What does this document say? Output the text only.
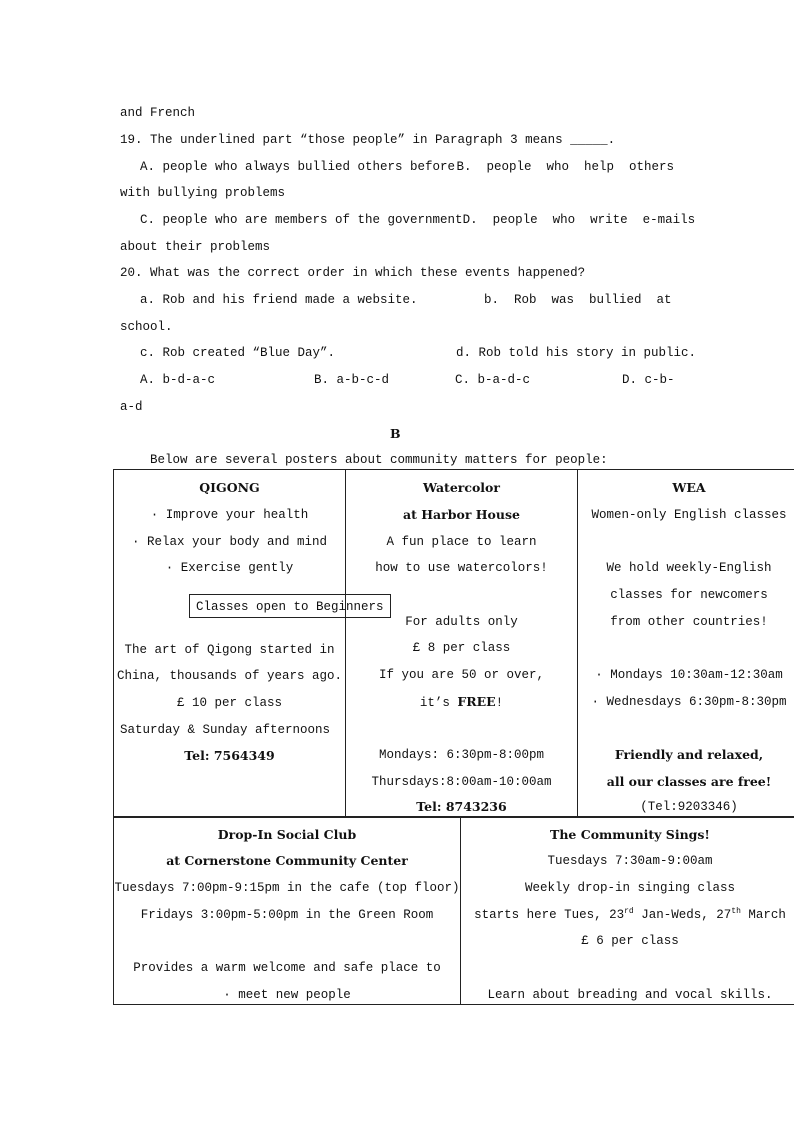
and French
19. The underlined part “those people” in Paragraph 3 means _____.
A. people who always bullied others before B.  people  who  help  others
with bullying problems
C. people who are members of the government D.  people  who  write  e-mails
about their problems
20. What was the correct order in which these events happened?
a. Rob and his friend made a website.	b.  Rob  was  bullied  at
school.
c. Rob created “Blue Day”.	d. Rob told his story in public.
A. b-d-a-c	B. a-b-c-d	C. b-a-d-c	D. c-b-
a-d
B
Below are several posters about community matters for people:
QIGONG
· Improve your health
· Relax your body and mind
· Exercise gently

Classes open to Beginners

The art of Qigong started in
China, thousands of years ago.
£ 10 per class
Saturday & Sunday afternoons
Tel: 7564349

Watercolor
at Harbor House
A fun place to learn
how to use watercolors!
For adults only
£ 8 per class
If you are 50 or over,
it’s FREE!
Mondays: 6:30pm-8:00pm
Thursdays:8:00am-10:00am
Tel: 8743236

WEA
Women-only English classes
We hold weekly-English
classes for newcomers
from other countries!
· Mondays 10:30am-12:30am
· Wednesdays 6:30pm-8:30pm
Friendly and relaxed,
all our classes are free!
(Tel:9203346)
Drop-In Social Club
at Cornerstone Community Center
Tuesdays 7:00pm-9:15pm in the cafe (top floor)
Fridays 3:00pm-5:00pm in the Green Room
Provides a warm welcome and safe place to
· meet new people

The Community Sings!
Tuesdays 7:30am-9:00am
Weekly drop-in singing class
starts here Tues, 23rd Jan-Weds, 27th March
£ 6 per class
Learn about breading and vocal skills.
